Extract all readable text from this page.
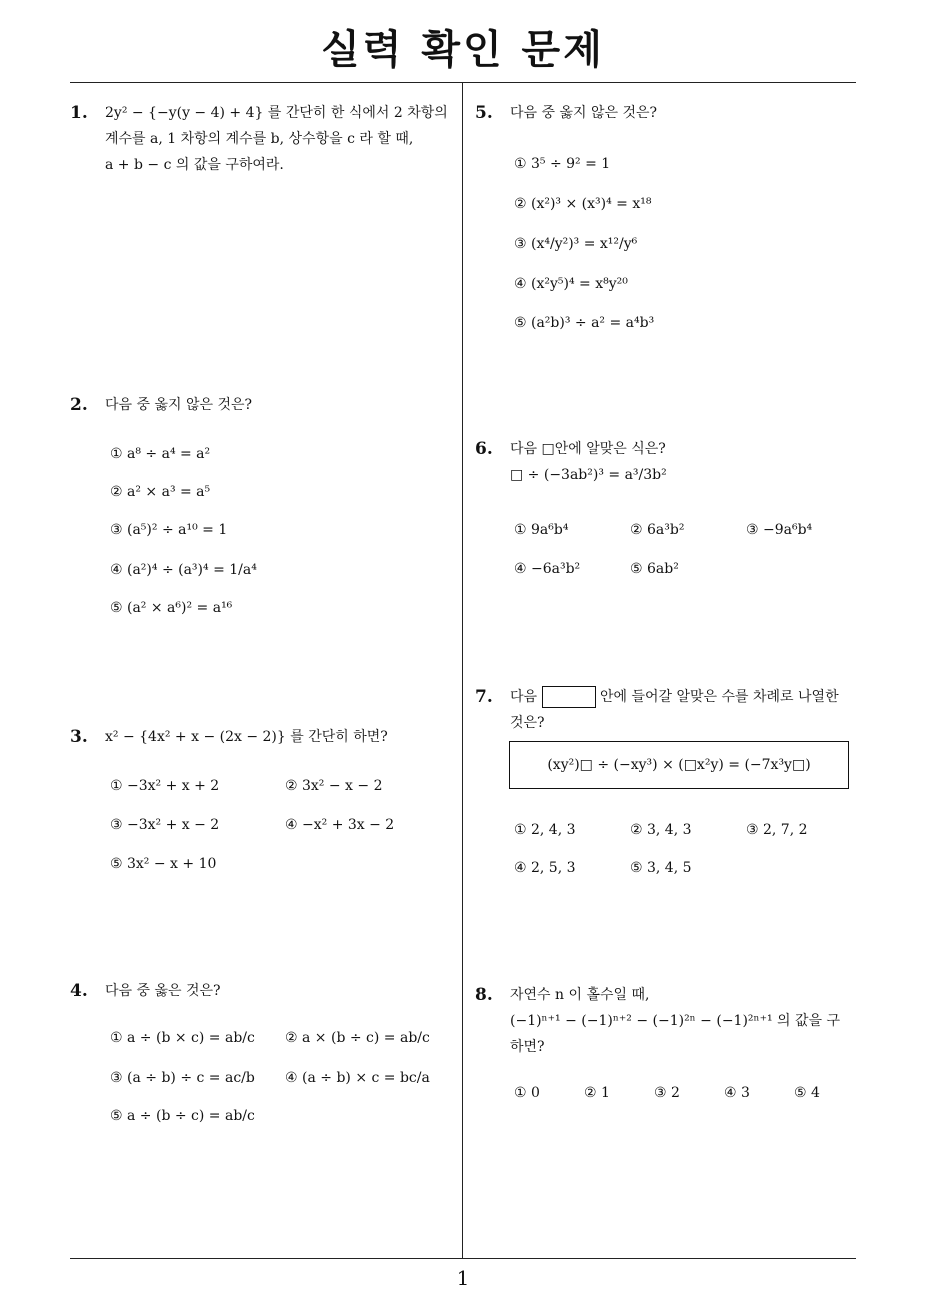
실력 확인 문제
1
1. 2y² − {−y(y − 4) + 4} 를 간단히 한 식에서 2 차항의
계수를 a, 1 차항의 계수를 b, 상수항을 c 라 할 때,
a + b − c 의 값을 구하여라.
2. 다음 중 옳지 않은 것은?
① a⁸ ÷ a⁴ = a²
② a² × a³ = a⁵
③ (a⁵)² ÷ a¹⁰ = 1
④ (a²)⁴ ÷ (a³)⁴ = 1/a⁴
⑤ (a² × a⁶)² = a¹⁶
3. x² − {4x² + x − (2x − 2)} 를 간단히 하면?
① −3x² + x + 2	② 3x² − x − 2
③ −3x² + x − 2	④ −x² + 3x − 2
⑤ 3x² − x + 10
4. 다음 중 옳은 것은?
① a ÷ (b × c) = ab/c ② a × (b ÷ c) = ab/c
③ (a ÷ b) ÷ c = ac/b ④ (a ÷ b) × c = bc/a
⑤ a ÷ (b ÷ c) = ab/c
5. 다음 중 옳지 않은 것은?
① 3⁵ ÷ 9² = 1
② (x²)³ × (x³)⁴ = x¹⁸
③ (x⁴/y²)³ = x¹²/y⁶
④ (x²y⁵)⁴ = x⁸y²⁰
⑤ (a²b)³ ÷ a² = a⁴b³
6. 다음 □안에 알맞은 식은?
□ ÷ (−3ab²)³ = a³/3b²
① 9a⁶b⁴	② 6a³b²	③ −9a⁶b⁴
④ −6a³b²	⑤ 6ab²
7. 다음	안에 들어갈 알맞은 수를 차례로 나열한
것은?
(xy²)□ ÷ (−xy³) × (□x²y) = (−7x³y□)
① 2, 4, 3	② 3, 4, 3	③ 2, 7, 2
④ 2, 5, 3	⑤ 3, 4, 5
8. 자연수 n 이 홀수일 때,
(−1)ⁿ⁺¹ − (−1)ⁿ⁺² − (−1)²ⁿ − (−1)²ⁿ⁺¹ 의 값을 구
하면?
① 0	② 1	③ 2	④ 3	⑤ 4
